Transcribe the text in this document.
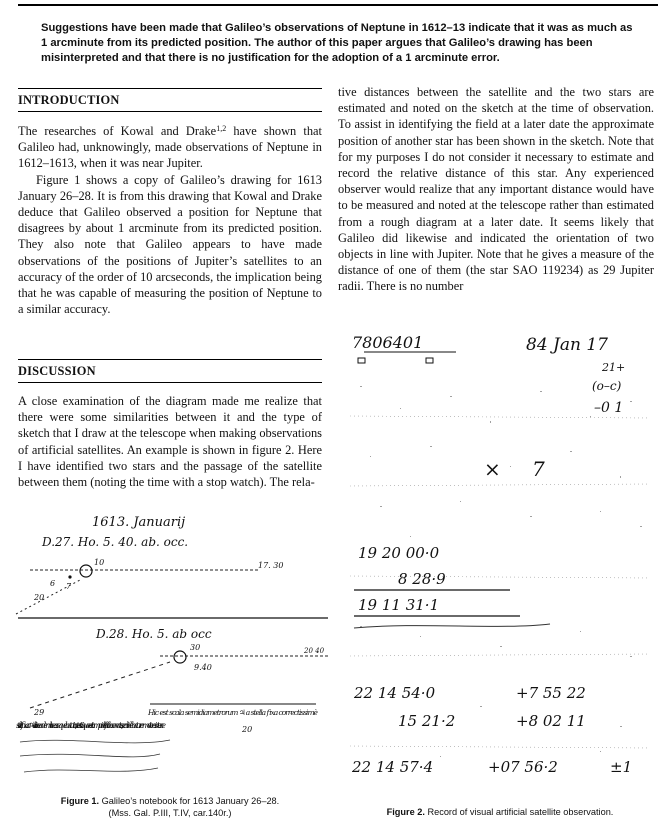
Suggestions have been made that Galileo’s observations of Neptune in 1612–13 indicate that it was as much as 1 arcminute from its predicted position. The author of this paper argues that Galileo’s drawing has been misinterpreted and that there is no justification for the adoption of a 1 arcminute error.
INTRODUCTION

The researches of Kowal and Drake$^{1,2}$ have shown that Galileo had, unknowingly, made observations of Neptune in 1612–1613, when it was near Jupiter.

Figure 1 shows a copy of Galileo’s drawing for 1613 January 26–28. It is from this drawing that Kowal and Drake deduce that Galileo observed a position for Neptune that disagrees by about 1 arcminute from its predicted position. They also note that Galileo appears to have made observations of the positions of Jupiter’s satellites to an accuracy of the order of 10 arcseconds, the implication being that he was capable of measuring the position of Neptune to a similar accuracy.

DISCUSSION

A close examination of the diagram made me realize that there were some similarities between it and the type of sketch that I draw at the telescope when making observations of artificial satellites. An example is shown in figure 2. Here I have identified two stars and the passage of the satellite between them (noting the time with a stop watch). The rela-

1613. Januarij
D.27. Ho. 5. 40. ab. occ.
10	17. 30
6 7
20
D.28. Ho. 5. ab occ
20 40
30
9.40
29	Hic est scala semidiametrorum ♃ a stella fixa correctissimè
stella fixa a ♃ alia in eadem linea sequebatur ita, ut est. 6. quae etiam pridie fuit observata, sed videbatur remotiores inter se	20
Figure 1. Galileo’s notebook for 1613 January 26–28.
(Mss. Gal. P.III, T.IV, car.140r.)

tive distances between the satellite and the two stars are estimated and noted on the sketch at the time of observation. To assist in identifying the field at a later date the approximate position of another star has been shown in the sketch. Note that for my purposes I do not consider it necessary to estimate and record the relative distance of this star. Any experienced observer would realize that any important distance would have to be measured and noted at the telescope rather than estimated from a rough diagram at a later date. It seems likely that Galileo did likewise and indicated the orientation of two objects in line with Jupiter. Note that he gives a measure of the distance of one of them (the star SAO 119234) as 29 Jupiter radii. There is no number

7806401	84 Jan 17
21+
(o–c)
–0 1
× 7
19 20 00·0
8 28·9
19 11 31·1
22 14 54·0	+7 55 22
15 21·2	+8 02 11
22 14 57·4	+07 56·2	±1
Figure 2. Record of visual artificial satellite observation.
